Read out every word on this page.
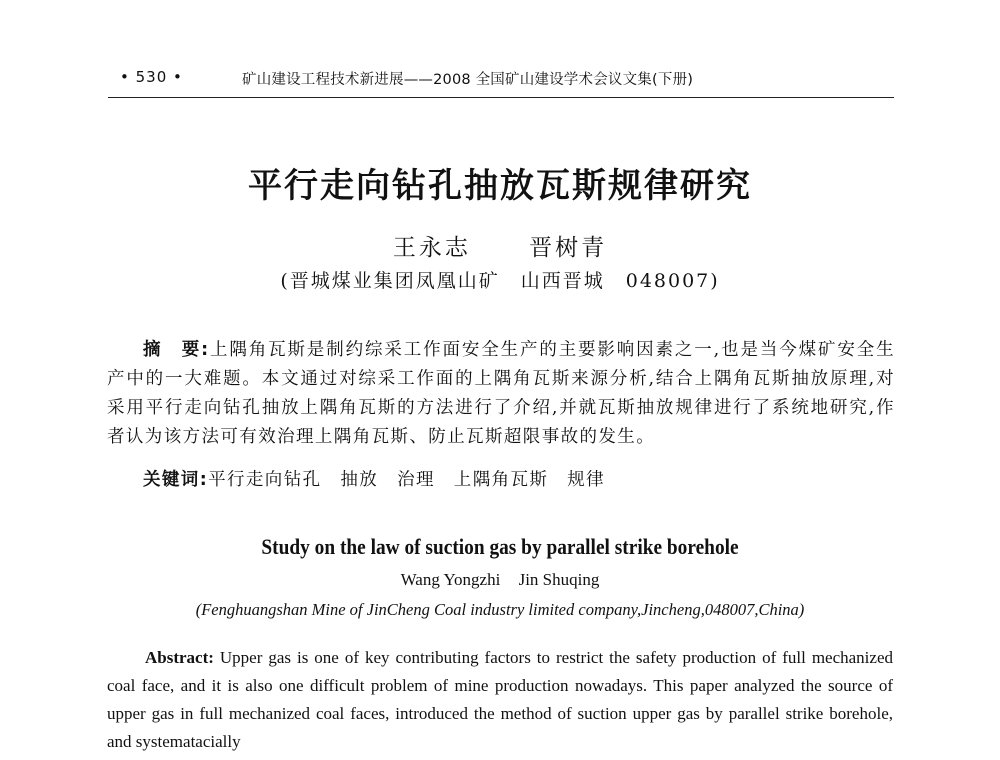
• 530 •	矿山建设工程技术新进展——2008 全国矿山建设学术会议文集(下册)
平行走向钻孔抽放瓦斯规律研究
王永志	晋树青
(晋城煤业集团凤凰山矿　山西晋城　048007)

摘　要:上隅角瓦斯是制约综采工作面安全生产的主要影响因素之一,也是当今煤矿安全生产中的一大难题。本文通过对综采工作面的上隅角瓦斯来源分析,结合上隅角瓦斯抽放原理,对采用平行走向钻孔抽放上隅角瓦斯的方法进行了介绍,并就瓦斯抽放规律进行了系统地研究,作者认为该方法可有效治理上隅角瓦斯、防止瓦斯超限事故的发生。

关键词:平行走向钻孔　抽放　治理　上隅角瓦斯　规律
Study on the law of suction gas by parallel strike borehole
Wang Yongzhi Jin Shuqing
(Fenghuangshan Mine of JinCheng Coal industry limited company,Jincheng,048007,China)

Abstract: Upper gas is one of key contributing factors to restrict the safety production of full mechanized coal face, and it is also one difficult problem of mine production nowadays. This paper analyzed the source of upper gas in full mechanized coal faces, introduced the method of suction upper gas by parallel strike borehole, and systematacially
